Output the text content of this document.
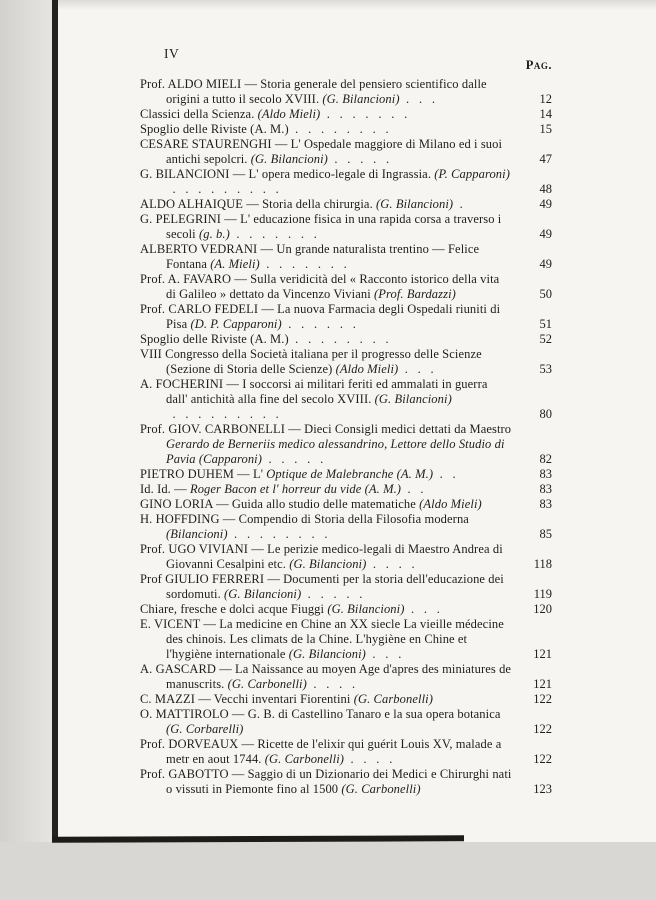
IV
Pag.
Prof. ALDO MIELI — Storia generale del pensiero scientifico dalle origini a tutto il secolo XVIII. (G. Bilancioni)  .   .   .	12
Classici della Scienza. (Aldo Mieli)  .   .   .   .   .   .   .	14
Spoglio delle Riviste (A. M.)  .   .   .   .   .   .   .   .	15
CESARE STAURENGHI — L' Ospedale maggiore di Milano ed i suoi antichi sepolcri. (G. Bilancioni)  .   .   .   .   .	47
G. BILANCIONI — L' opera medico-legale di Ingrassia. (P. Capparoni)  .   .   .   .   .   .   .   .   .	48
ALDO ALHAIQUE — Storia della chirurgia. (G. Bilancioni)  .	49
G. PELEGRINI — L' educazione fisica in una rapida corsa a traverso i secoli (g. b.)  .   .   .   .   .   .   .	49
ALBERTO VEDRANI — Un grande naturalista trentino — Felice Fontana (A. Mieli)  .   .   .   .   .   .   .	49
Prof. A. FAVARO — Sulla veridicità del « Racconto istorico della vita di Galileo » dettato da Vincenzo Viviani (Prof. Bardazzi)	50
Prof. CARLO FEDELI — La nuova Farmacia degli Ospedali riuniti di Pisa (D. P. Capparoni)  .   .   .   .   .   .	51
Spoglio delle Riviste (A. M.)  .   .   .   .   .   .   .   .	52
VIII Congresso della Società italiana per il progresso delle Scienze (Sezione di Storia delle Scienze) (Aldo Mieli)  .   .   .	53
A. FOCHERINI — I soccorsi ai militari feriti ed ammalati in guerra dall' antichità alla fine del secolo XVIII. (G. Bilancioni)  .   .   .   .   .   .   .   .   .	80
Prof. GIOV. CARBONELLI — Dieci Consigli medici dettati da Maestro Gerardo de Berneriis medico alessandrino, Lettore dello Studio di Pavia (Capparoni)  .   .   .   .   .	82
PIETRO DUHEM — L' Optique de Malebranche (A. M.)  .   .	83
Id. Id. — Roger Bacon et l' horreur du vide (A. M.)  .   .	83
GINO LORIA — Guida allo studio delle matematiche (Aldo Mieli)	83
H. HOFFDING — Compendio di Storia della Filosofia moderna (Bilancioni)  .   .   .   .   .   .   .   .	85
Prof. UGO VIVIANI — Le perizie medico-legali di Maestro Andrea di Giovanni Cesalpini etc. (G. Bilancioni)  .   .   .   .	118
Prof GIULIO FERRERI — Documenti per la storia dell'educazione dei sordomuti. (G. Bilancioni)  .   .   .   .   .	119
Chiare, fresche e dolci acque Fiuggi (G. Bilancioni)  .   .   .	120
E. VICENT — La medicine en Chine an XX siecle La vieille médecine des chinois. Les climats de la Chine. L'hygiène en Chine et l'hygiène internationale (G. Bilancioni)  .   .   .	121
A. GASCARD — La Naissance au moyen Age d'apres des miniatures de manuscrits. (G. Carbonelli)  .   .   .   .	121
C. MAZZI — Vecchi inventari Fiorentini (G. Carbonelli)	122
O. MATTIROLO — G. B. di Castellino Tanaro e la sua opera botanica (G. Corbarelli)	122
Prof. DORVEAUX — Ricette de l'elixir qui guérit Louis XV, malade a metr en aout 1744. (G. Carbonelli)  .   .   .   .	122
Prof. GABOTTO — Saggio di un Dizionario dei Medici e Chirurghi nati o vissuti in Piemonte fino al 1500 (G. Carbonelli)	123
